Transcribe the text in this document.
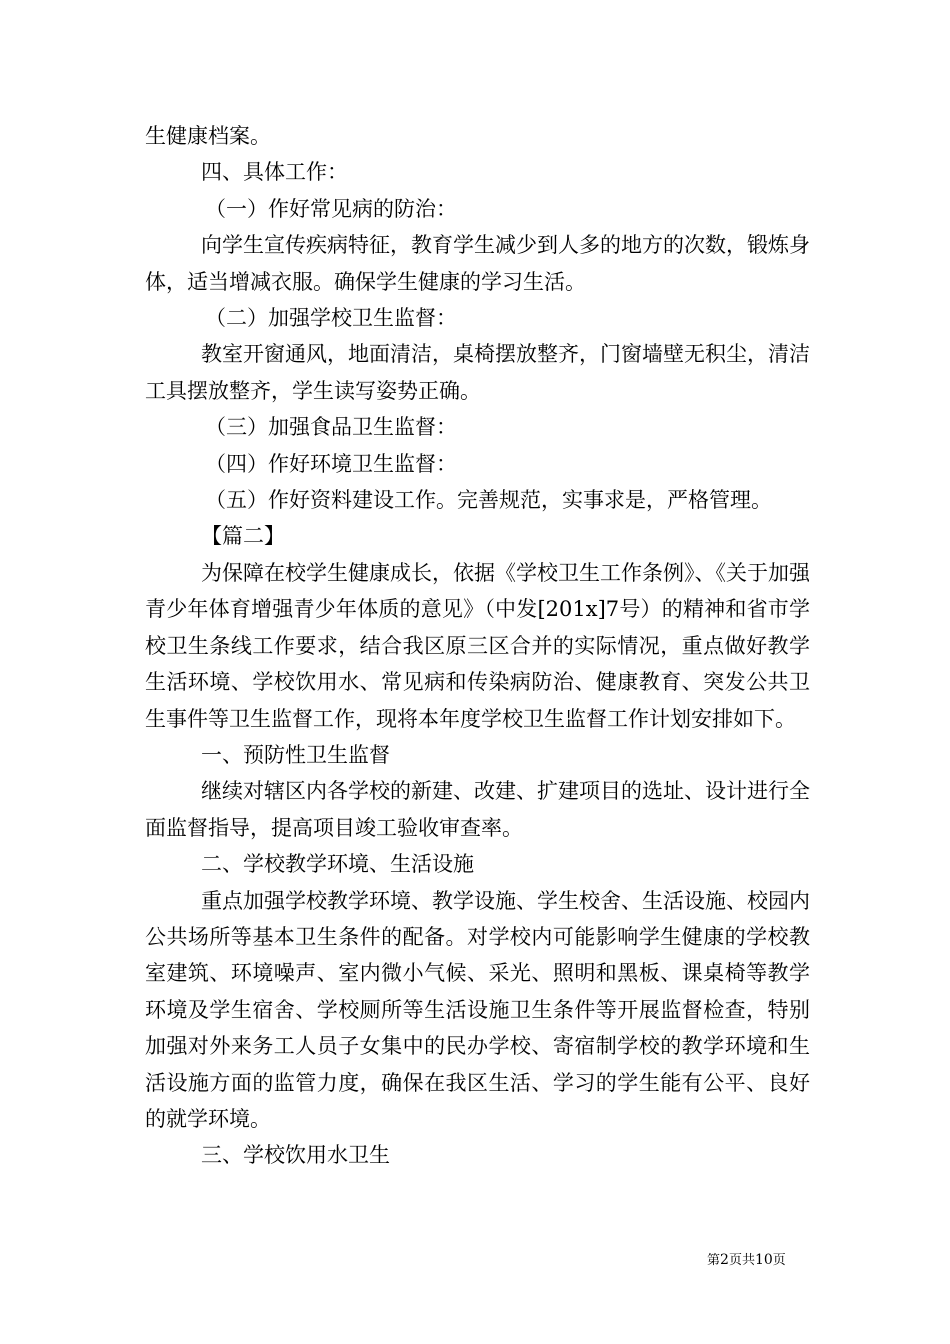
生健康档案。

四、具体工作：

（一）作好常见病的防治：

向学生宣传疾病特征，教育学生减少到人多的地方的次数，锻炼身体，适当增减衣服。确保学生健康的学习生活。

（二）加强学校卫生监督：

教室开窗通风，地面清洁，桌椅摆放整齐，门窗墙壁无积尘，清洁工具摆放整齐，学生读写姿势正确。

（三）加强食品卫生监督：

（四）作好环境卫生监督：

（五）作好资料建设工作。完善规范，实事求是，严格管理。

【篇二】

为保障在校学生健康成长，依据《学校卫生工作条例》、《关于加强青少年体育增强青少年体质的意见》（中发[201x]7号）的精神和省市学校卫生条线工作要求，结合我区原三区合并的实际情况，重点做好教学生活环境、学校饮用水、常见病和传染病防治、健康教育、突发公共卫生事件等卫生监督工作，现将本年度学校卫生监督工作计划安排如下。

一、预防性卫生监督

继续对辖区内各学校的新建、改建、扩建项目的选址、设计进行全面监督指导，提高项目竣工验收审查率。

二、学校教学环境、生活设施

重点加强学校教学环境、教学设施、学生校舍、生活设施、校园内公共场所等基本卫生条件的配备。对学校内可能影响学生健康的学校教室建筑、环境噪声、室内微小气候、采光、照明和黑板、课桌椅等教学环境及学生宿舍、学校厕所等生活设施卫生条件等开展监督检查，特别加强对外来务工人员子女集中的民办学校、寄宿制学校的教学环境和生活设施方面的监管力度，确保在我区生活、学习的学生能有公平、良好的就学环境。

三、学校饮用水卫生

第2页共10页
